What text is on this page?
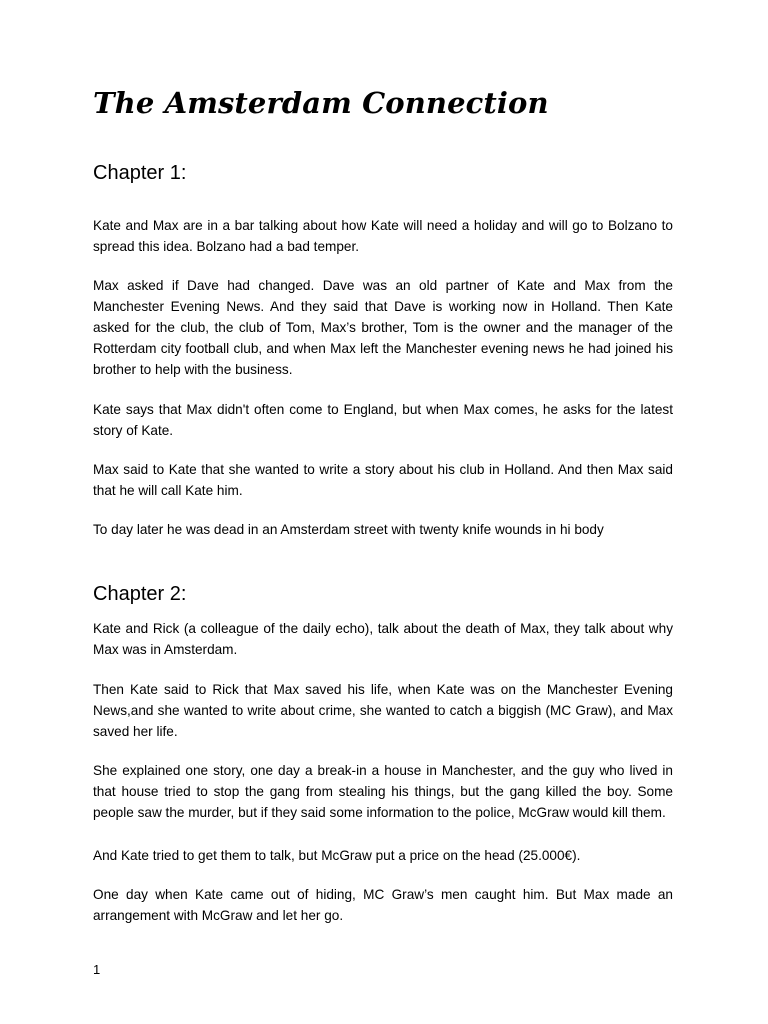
The Amsterdam Connection
Chapter 1:

Kate and Max are in a bar talking about how Kate will need a holiday and will go to Bolzano to spread this idea. Bolzano had a bad temper.

Max asked if Dave had changed. Dave was an old partner of Kate and Max from the Manchester Evening News. And they said that Dave is working now in Holland. Then Kate asked for the club, the club of Tom, Max’s brother, Tom is the owner and the manager of the Rotterdam city football club, and when Max left the Manchester evening news he had joined his brother to help with the business.

Kate says that Max didn't often come to England, but when Max comes, he asks for the latest story of Kate.

Max said to Kate that she wanted to write a story about his club in Holland. And then Max said that he will call Kate him.

To day later he was dead in an Amsterdam street with twenty knife wounds in hi body

Chapter 2:

Kate and Rick (a colleague of the daily echo), talk about the death of Max, they talk about why Max was in Amsterdam.

Then Kate said to Rick that Max saved his life, when Kate was on the Manchester Evening News,and she wanted to write about crime, she wanted to catch a biggish (MC Graw), and Max saved her life.

She explained one story, one day a break-in a house in Manchester, and the guy who lived in that house tried to stop the gang from stealing his things, but the gang killed the boy. Some people saw the murder, but if they said some information to the police, McGraw would kill them.

And Kate tried to get them to talk, but McGraw put a price on the head (25.000€).

One day when Kate came out of hiding, MC Graw’s men caught him. But Max made an arrangement with McGraw and let her go.

1
